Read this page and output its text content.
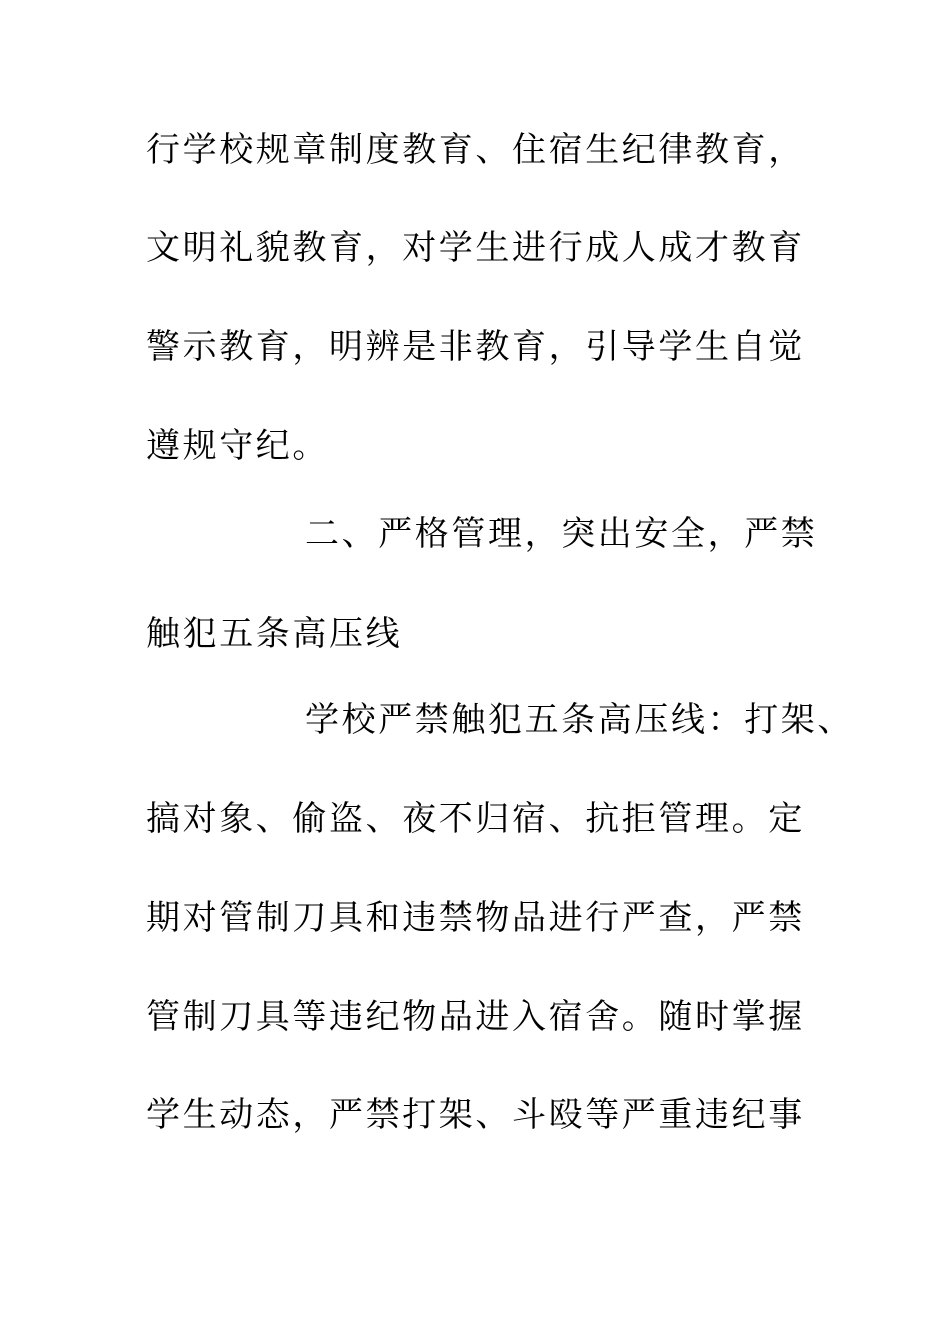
行学校规章制度教育、住宿生纪律教育，
文明礼貌教育，对学生进行成人成才教育
警示教育，明辨是非教育，引导学生自觉
遵规守纪。
二、严格管理，突出安全，严禁
触犯五条高压线
学校严禁触犯五条高压线：打架、
搞对象、偷盗、夜不归宿、抗拒管理。定
期对管制刀具和违禁物品进行严查，严禁
管制刀具等违纪物品进入宿舍。随时掌握
学生动态，严禁打架、斗殴等严重违纪事
